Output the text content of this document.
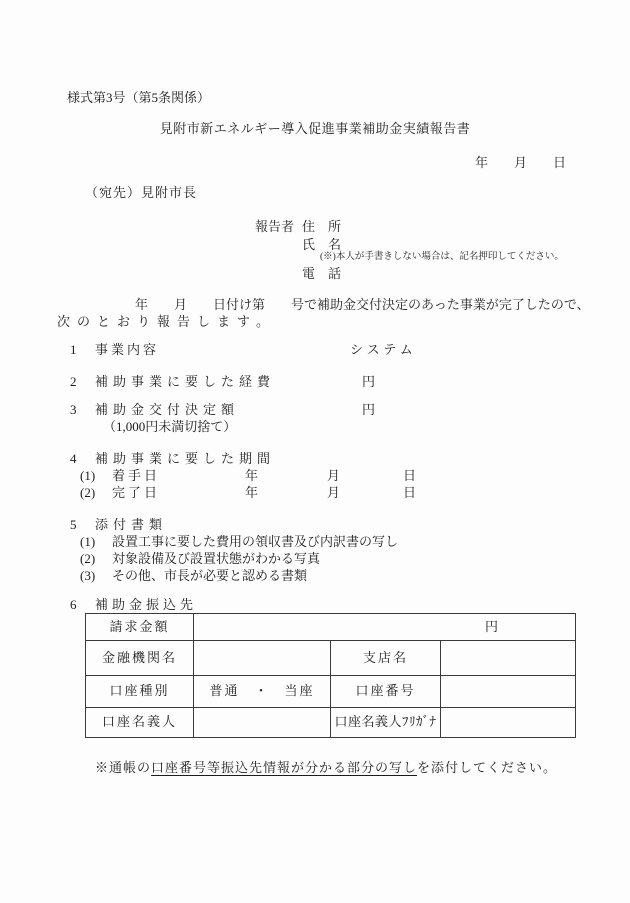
様式第3号（第5条関係）
見附市新エネルギー導入促進事業補助金実績報告書
年　　月　　日
（宛先）見附市長
報告者 住　所
氏　名
(※)本人が手書きしない場合は、記名押印してください。
電　話
　　　　　　年　　月　　日付け第　　号で補助金交付決定のあった事業が完了したので、
次のとおり報告します。
1 事業内容	システム
2 補助事業に要した経費	円
3 補助金交付決定額	円
（1,000円未満切捨て）
4 補助事業に要した期間
(1) 着手日	年	月	日
(2) 完了日	年	月	日
5 添付書類
(1) 設置工事に要した費用の領収書及び内訳書の写し
(2) 対象設備及び設置状態がわかる写真
(3) その他、市長が必要と認める書類
6 補助金振込先
請求金額	円		
金融機関名		支店名	
口座種別	普通　・　当座	口座番号	
口座名義人		口座名義人ﾌﾘｶﾞﾅ	

※通帳の口座番号等振込先情報が分かる部分の写しを添付してください。
